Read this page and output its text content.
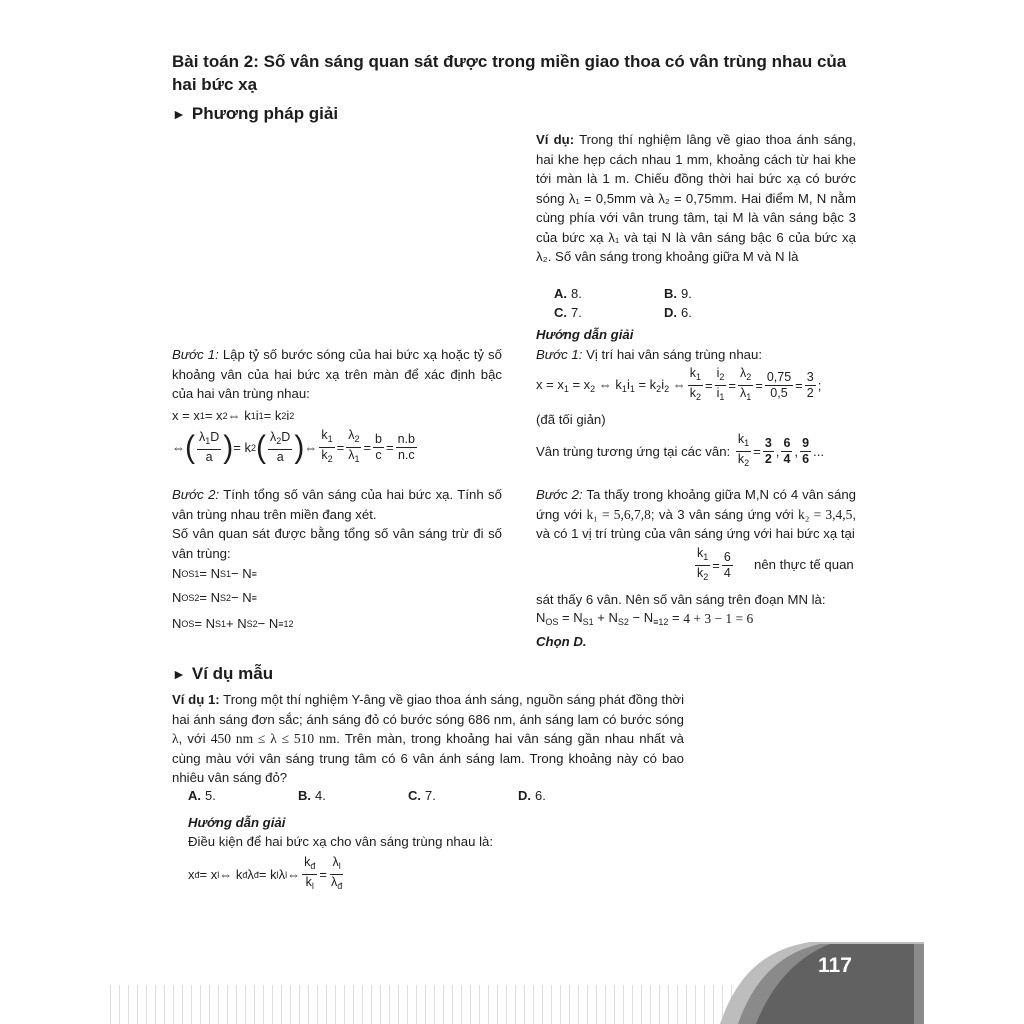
Bài toán 2: Số vân sáng quan sát được trong miền giao thoa có vân trùng nhau của hai bức xạ
► Phương pháp giải
Ví dụ: Trong thí nghiệm lâng về giao thoa ánh sáng, hai khe hẹp cách nhau 1 mm, khoảng cách từ hai khe tới màn là 1 m. Chiếu đồng thời hai bức xạ có bước sóng λ₁ = 0,5mm và λ₂ = 0,75mm. Hai điểm M, N nằm cùng phía với vân trung tâm, tại M là vân sáng bậc 3 của bức xạ λ₁ và tại N là vân sáng bậc 6 của bức xạ λ₂. Số vân sáng trong khoảng giữa M và N là
A. 8.	B. 9.
C. 7.	D. 6.
Hướng dẫn giải
Bước 1: Vị trí hai vân sáng trùng nhau:
$x = x_1 = x_2$ ⇔ $k_1i_1 = k_2i_2$ ⇔ $\frac{k_1}{k_2} = \frac{i_2}{i_1} = \frac{\lambda_2}{\lambda_1} = \frac{0,75}{0,5} = \frac{3}{2}$ ;
(đã tối giản)
Vân trùng tương ứng tại các vân:
$\frac{k_1}{k_2} = \frac{3}{2}$ , $\frac{6}{4}$ , $\frac{9}{6}$ ...
Bước 2: Ta thấy trong khoảng giữa M,N có 4 vân sáng ứng với k₁ = 5,6,7,8; và 3 vân sáng ứng với k₂ = 3,4,5, và có 1 vị trí trùng của vân sáng ứng với hai bức xạ tại
$\frac{k_1}{k_2} = \frac{6}{4}$ nên thực tế quan
sát thấy 6 vân. Nên số vân sáng trên đoạn MN là:
$N_{OS} = N_{S1} + N_{S2} - N_{\equiv 12}$ =
4 + 3 − 1 = 6
Chọn D.
Bước 1: Lập tỷ số bước sóng của hai bức xạ hoặc tỷ số khoảng vân của hai bức xạ trên màn để xác định bậc của hai vân trùng nhau:
x = x 1 = x 2 ⇔ k 1 i 1 = k 2 i 2
⇔ ( $\frac{\lambda_1D}{a}$ ) = k 2 ( $\frac{\lambda_2D}{a}$ ) ⇔ $\frac{k_1}{k_2} = \frac{\lambda_2}{\lambda_1} = \frac{b}{c} = \frac{n.b}{n.c}$
Bước 2: Tính tổng số vân sáng của hai bức xạ. Tính số vân trùng nhau trên miền đang xét.
Số vân quan sát được bằng tổng số vân sáng trừ đi số vân trùng:
N OS1 = N S1 − N ≡
N OS2 = N S2 − N ≡
N OS = N S1 + N S2 − N ≡12
► Ví dụ mẫu
Ví dụ 1: Trong một thí nghiệm Y-âng về giao thoa ánh sáng, nguồn sáng phát đồng thời hai ánh sáng đơn sắc; ánh sáng đỏ có bước sóng 686 nm, ánh sáng lam có bước sóng λ, với 450 nm ≤ λ ≤ 510 nm. Trên màn, trong khoảng hai vân sáng gần nhau nhất và cùng màu với vân sáng trung tâm có 6 vân ánh sáng lam. Trong khoảng này có bao nhiêu vân sáng đỏ?
A. 5.	B. 4.	C. 7.	D. 6.
Hướng dẫn giải
Điều kiện để hai bức xạ cho vân sáng trùng nhau là:
x đ = x l ⇔ k đ λ đ = k l λ l ⇔ $\frac{k_đ}{k_l} = \frac{\lambda_l}{\lambda_đ}$
117
